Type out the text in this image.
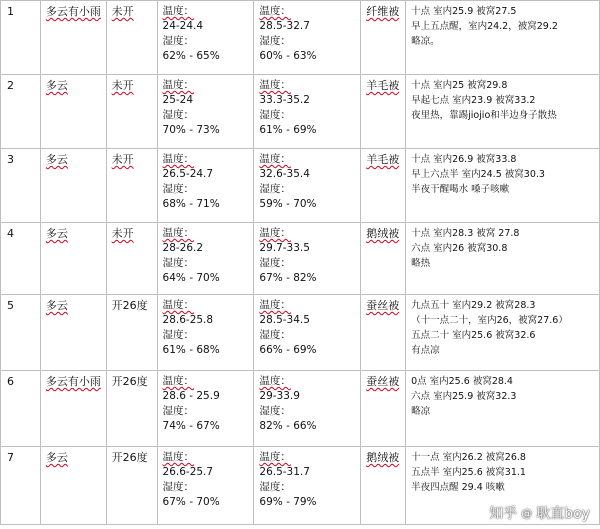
1	多云有小雨	未开	温度：
24-24.4
湿度：
62% - 65%	温度：
28.5-32.7
湿度：
60% - 63%	纤维被	十点 室内25.9 被窝27.5
早上五点醒，室内24.2，被窝29.2
略凉。

2	多云	未开	温度：
25-24
湿度：
70% - 73%	温度：
33.3-35.2
湿度：
61% - 69%	羊毛被	十点 室内25 被窝29.8
早起七点 室内23.9 被窝33.2
夜里热，靠踢jiojio和半边身子散热

3	多云	未开	温度：
26.5-24.7
湿度：
68% - 71%	温度：
32.6-35.4
湿度：
59% - 70%	羊毛被	十点 室内26.9 被窝33.8
早上六点半 室内24.5 被窝30.3
半夜干醒喝水 嗓子咳嗽

4	多云	未开	温度：
28-26.2
湿度：
64% - 70%	温度：
29.7-33.5
湿度：
67% - 82%	鹅绒被	十点 室内28.3 被窝 27.8
六点 室内26 被窝30.8
略热

5	多云	开26度	温度：
28.6-25.8
湿度：
61% - 68%	温度：
28.5-34.5
湿度：
66% - 69%	蚕丝被	九点五十 室内29.2 被窝28.3
（十一点二十，室内26，被窝27.6）
五点二十 室内25.6 被窝32.6
有点凉

6	多云有小雨	开26度	温度：
28.6 - 25.9
湿度：
74% - 67%	温度：
29-33.9
湿度：
82% - 66%	蚕丝被	0点 室内25.6 被窝28.4
六点 室内25.9 被窝32.3
略凉

7	多云	开26度	温度：
26.6-25.7
湿度：
67% - 70%	温度：
26.5-31.7
湿度：
69% - 79%	鹅绒被	十一点 室内26.2 被窝26.8
五点半 室内25.6 被窝31.1
半夜四点醒 29.4 咳嗽
知乎 @ 耿直boy
